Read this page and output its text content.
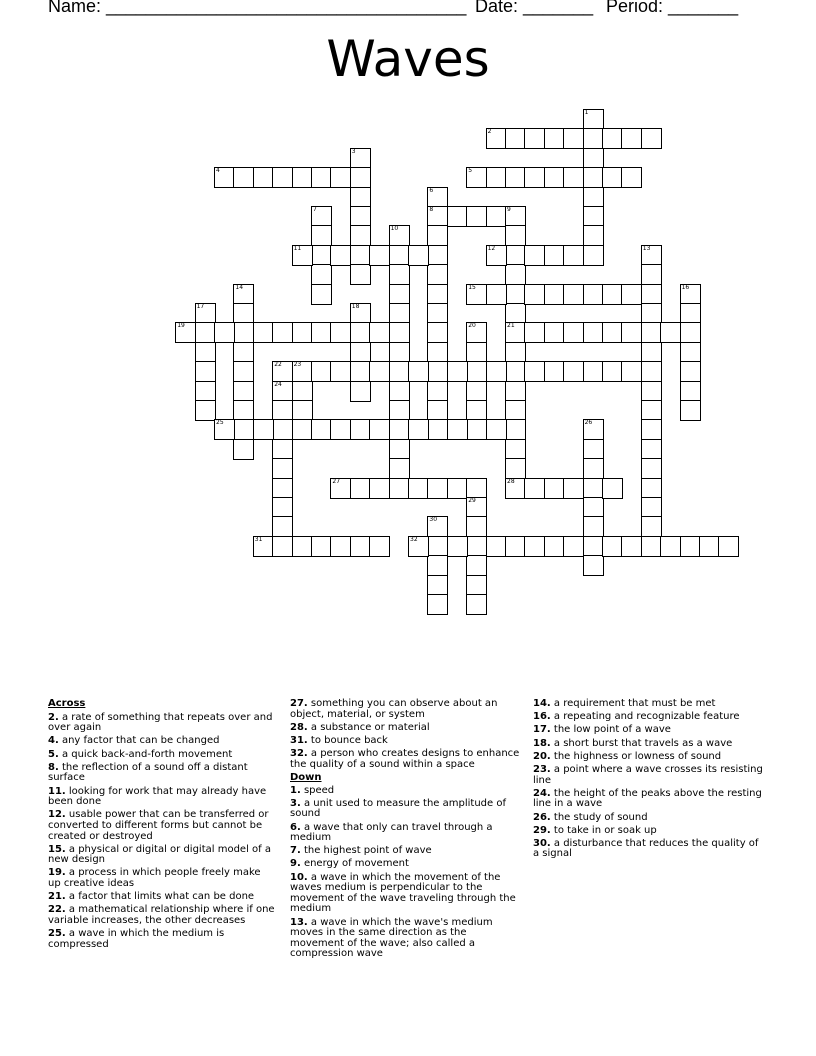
Name: ____________________________________ Date: _______ Period: _______
Waves
1
2
3
4	5
6
8
7	9
21
10
11	12	13
14	15	16
17	18
19	20
22 23
24
25	26
27	28
29
30
31	32
Across
2. a rate of something that repeats over and over again
4. any factor that can be changed
5. a quick back-and-forth movement
8. the reflection of a sound off a distant surface
11. looking for work that may already have been done
12. usable power that can be transferred or converted to different forms but cannot be created or destroyed
15. a physical or digital or digital model of a new design
19. a process in which people freely make up creative ideas
21. a factor that limits what can be done
22. a mathematical relationship where if one variable increases, the other decreases
25. a wave in which the medium is compressed
27. something you can observe about an object, material, or system
28. a substance or material
31. to bounce back
32. a person who creates designs to enhance the quality of a sound within a space
Down
1. speed
3. a unit used to measure the amplitude of sound
6. a wave that only can travel through a medium
7. the highest point of wave
9. energy of movement
10. a wave in which the movement of the waves medium is perpendicular to the movement of the wave traveling through the medium
13. a wave in which the wave's medium moves in the same direction as the movement of the wave; also called a compression wave
14. a requirement that must be met
16. a repeating and recognizable feature
17. the low point of a wave
18. a short burst that travels as a wave
20. the highness or lowness of sound
23. a point where a wave crosses its resisting line
24. the height of the peaks above the resting line in a wave
26. the study of sound
29. to take in or soak up
30. a disturbance that reduces the quality of a signal
